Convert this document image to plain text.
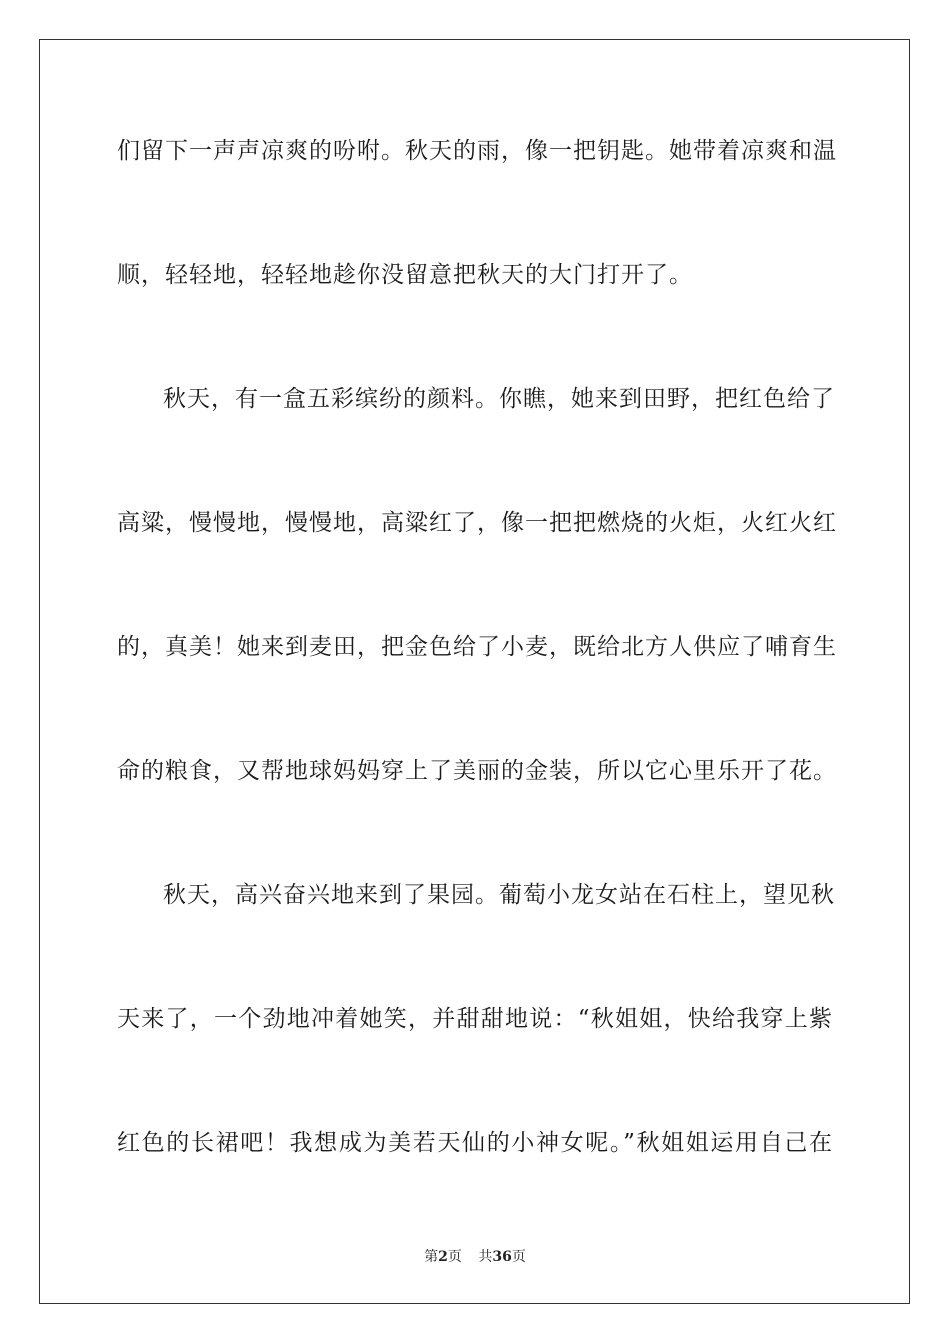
们留下一声声凉爽的吩咐。秋天的雨，像一把钥匙。她带着凉爽和温
顺，轻轻地，轻轻地趁你没留意把秋天的大门打开了。
秋天，有一盒五彩缤纷的颜料。你瞧，她来到田野，把红色给了
高粱，慢慢地，慢慢地，高粱红了，像一把把燃烧的火炬，火红火红
的，真美！她来到麦田，把金色给了小麦，既给北方人供应了哺育生
命的粮食，又帮地球妈妈穿上了美丽的金装，所以它心里乐开了花。
秋天，高兴奋兴地来到了果园。葡萄小龙女站在石柱上，望见秋
天来了，一个劲地冲着她笑，并甜甜地说：“秋姐姐，快给我穿上紫
红色的长裙吧！我想成为美若天仙的小神女呢。”秋姐姐运用自己在
第2页 共36页
